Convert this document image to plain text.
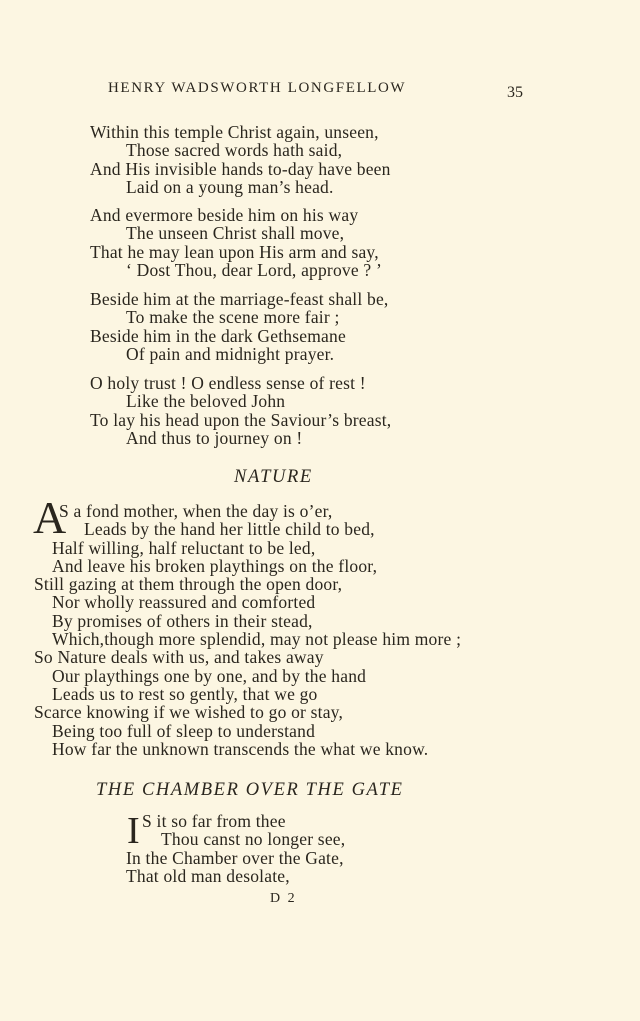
HENRY WADSWORTH LONGFELLOW	35
Within this temple Christ again, unseen,
Those sacred words hath said,
And His invisible hands to-day have been
Laid on a young man’s head.
And evermore beside him on his way
The unseen Christ shall move,
That he may lean upon His arm and say,
‘ Dost Thou, dear Lord, approve ? ’
Beside him at the marriage-feast shall be,
To make the scene more fair ;
Beside him in the dark Gethsemane
Of pain and midnight prayer.
O holy trust ! O endless sense of rest !
Like the beloved John
To lay his head upon the Saviour’s breast,
And thus to journey on !
NATURE
A
S a fond mother, when the day is o’er,
Leads by the hand her little child to bed,
Half willing, half reluctant to be led,
And leave his broken playthings on the floor,
Still gazing at them through the open door,
Nor wholly reassured and comforted
By promises of others in their stead,
Which,though more splendid, may not please him more ;
So Nature deals with us, and takes away
Our playthings one by one, and by the hand
Leads us to rest so gently, that we go
Scarce knowing if we wished to go or stay,
Being too full of sleep to understand
How far the unknown transcends the what we know.
THE CHAMBER OVER THE GATE
I S it so far from thee
Thou canst no longer see,
In the Chamber over the Gate,
That old man desolate,
D 2
